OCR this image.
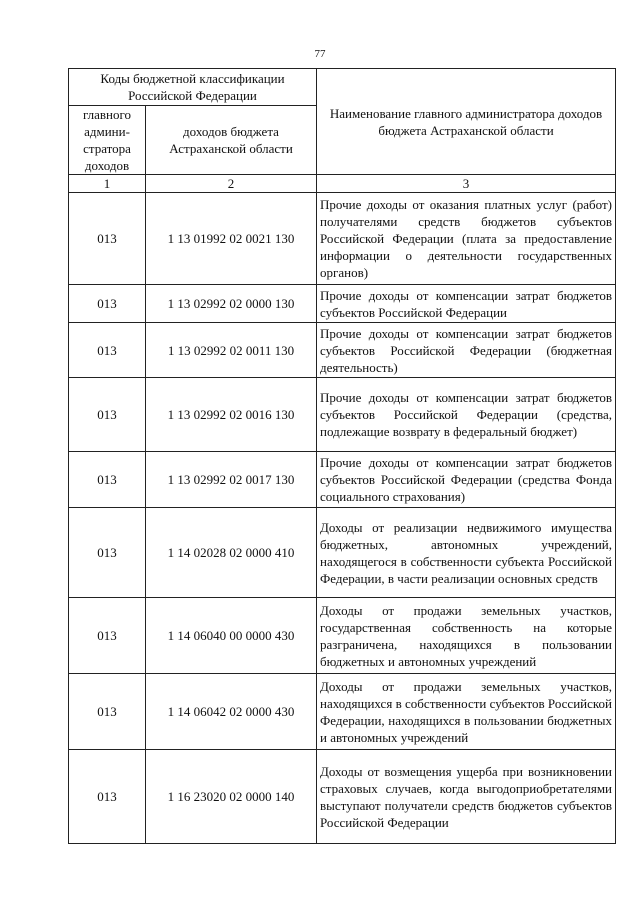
77
Коды бюджетной классификации Российской Федерации		Наименование главного администратора доходов бюджета Астраханской области
главного админи-стратора доходов	доходов бюджета Астраханской области	
1	2	3
013	1 13 01992 02 0021 130	Прочие доходы от оказания платных услуг (работ) получателями средств бюджетов субъектов Российской Федерации (плата за предоставление информации о деятельности государственных органов)
013	1 13 02992 02 0000 130	Прочие доходы от компенсации затрат бюджетов субъектов Российской Федерации
013	1 13 02992 02 0011 130	Прочие доходы от компенсации затрат бюджетов субъектов Российской Федерации (бюджетная деятельность)
013	1 13 02992 02 0016 130	Прочие доходы от компенсации затрат бюджетов субъектов Российской Федерации (средства, подлежащие возврату в федеральный бюджет)
013	1 13 02992 02 0017 130	Прочие доходы от компенсации затрат бюджетов субъектов Российской Федерации (средства Фонда социального страхования)
013	1 14 02028 02 0000 410	Доходы от реализации недвижимого имущества бюджетных, автономных учреждений, находящегося в собственности субъекта Российской Федерации, в части реализации основных средств
013	1 14 06040 00 0000 430	Доходы от продажи земельных участков, государственная собственность на которые разграничена, находящихся в пользовании бюджетных и автономных учреждений
013	1 14 06042 02 0000 430	Доходы от продажи земельных участков, находящихся в собственности субъектов Российской Федерации, находящихся в пользовании бюджетных и автономных учреждений
013	1 16 23020 02 0000 140	Доходы от возмещения ущерба при возникновении страховых случаев, когда выгодоприобретателями выступают получатели средств бюджетов субъектов Российской Федерации
